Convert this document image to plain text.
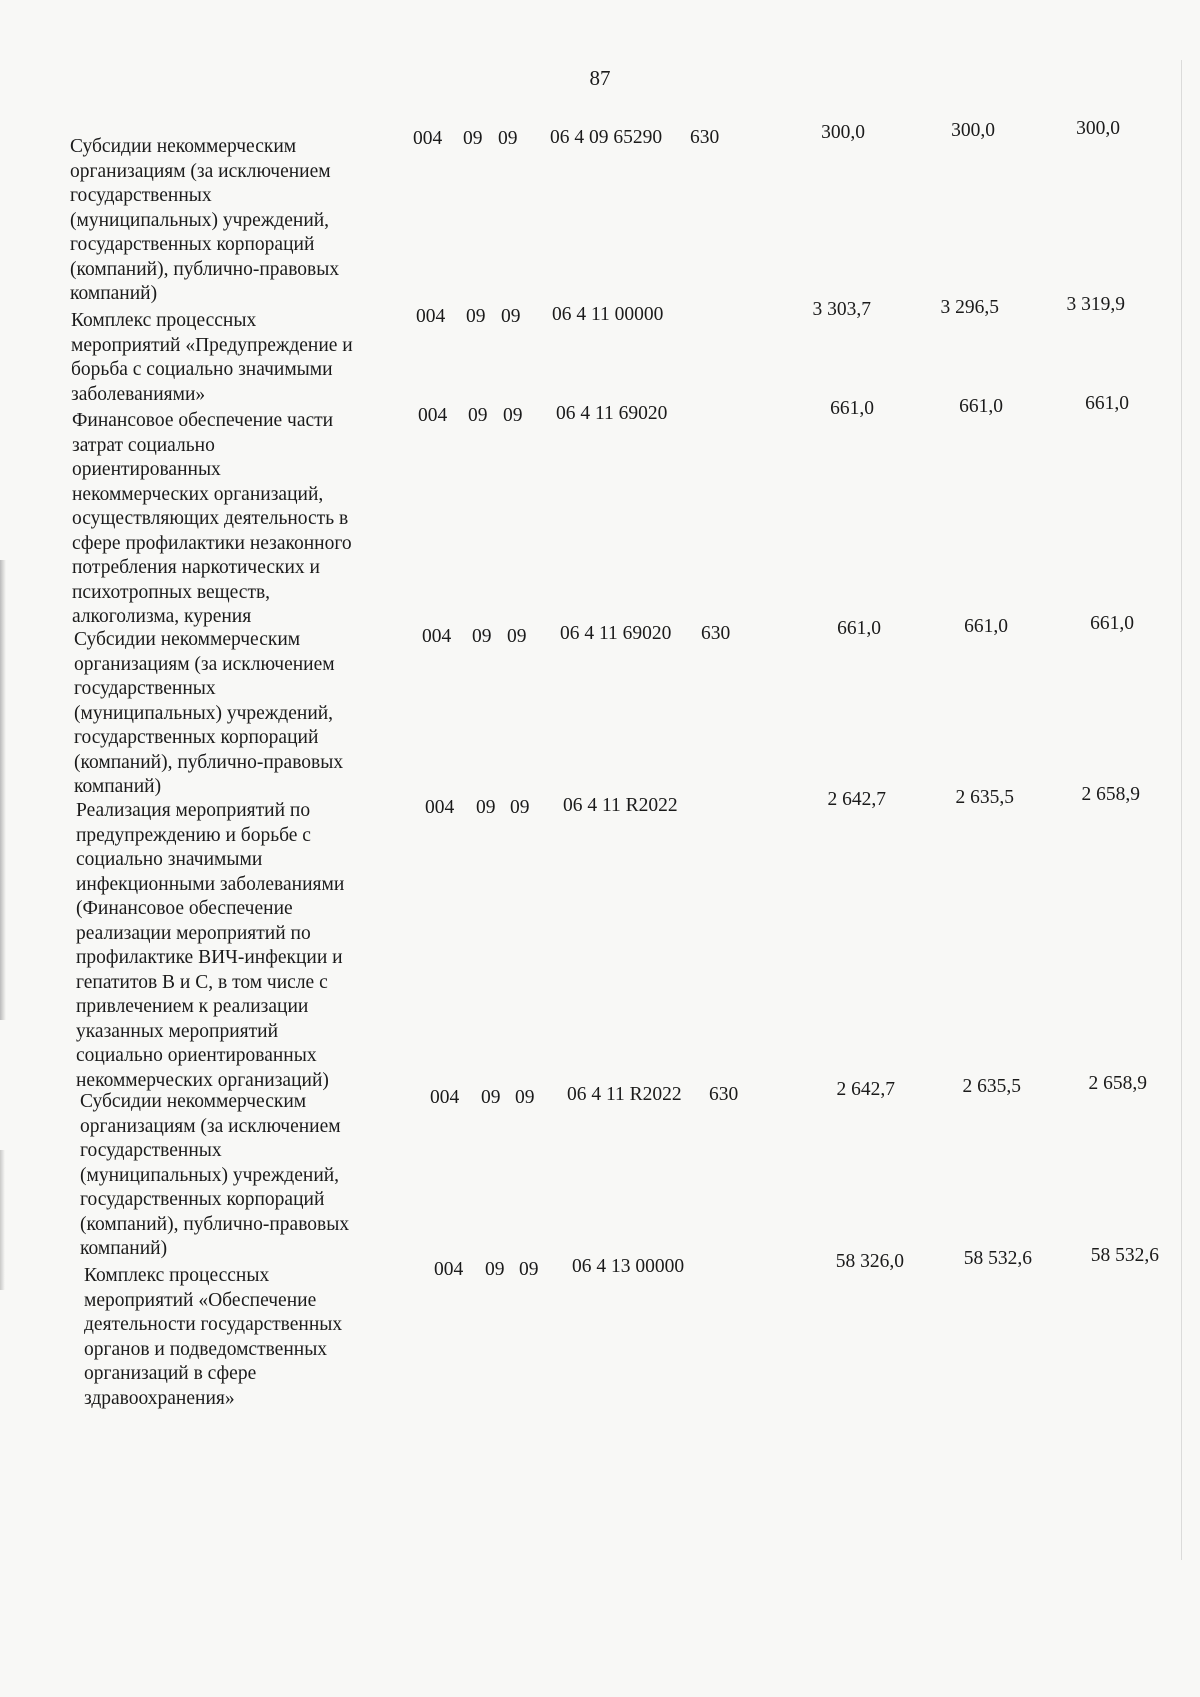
87
Субсидии некоммерческим
организациям (за исключением
государственных
(муниципальных) учреждений,
государственных корпораций
(компаний), публично-правовых
компаний)
004 09 09 06 4 09 65290 630	300,0	300,0	300,0
Комплекс процессных
мероприятий «Предупреждение и
борьба с социально значимыми
заболеваниями»
004 09 09 06 4 11 00000	3 303,7	3 296,5	3 319,9
Финансовое обеспечение части
затрат социально
ориентированных
некоммерческих организаций,
осуществляющих деятельность в
сфере профилактики незаконного
потребления наркотических и
психотропных веществ,
алкоголизма, курения
004 09 09 06 4 11 69020	661,0	661,0	661,0
Субсидии некоммерческим
организациям (за исключением
государственных
(муниципальных) учреждений,
государственных корпораций
(компаний), публично-правовых
компаний)
004 09 09 06 4 11 69020 630	661,0	661,0	661,0
Реализация мероприятий по
предупреждению и борьбе с
социально значимыми
инфекционными заболеваниями
(Финансовое обеспечение
реализации мероприятий по
профилактике ВИЧ-инфекции и
гепатитов В и С, в том числе с
привлечением к реализации
указанных мероприятий
социально ориентированных
некоммерческих организаций)
004 09 09 06 4 11 R2022	2 642,7	2 635,5	2 658,9
Субсидии некоммерческим
организациям (за исключением
государственных
(муниципальных) учреждений,
государственных корпораций
(компаний), публично-правовых
компаний)
004 09 09 06 4 11 R2022 630	2 642,7	2 635,5	2 658,9
Комплекс процессных
мероприятий «Обеспечение
деятельности государственных
органов и подведомственных
организаций в сфере
здравоохранения»
004 09 09 06 4 13 00000	58 326,0	58 532,6	58 532,6
